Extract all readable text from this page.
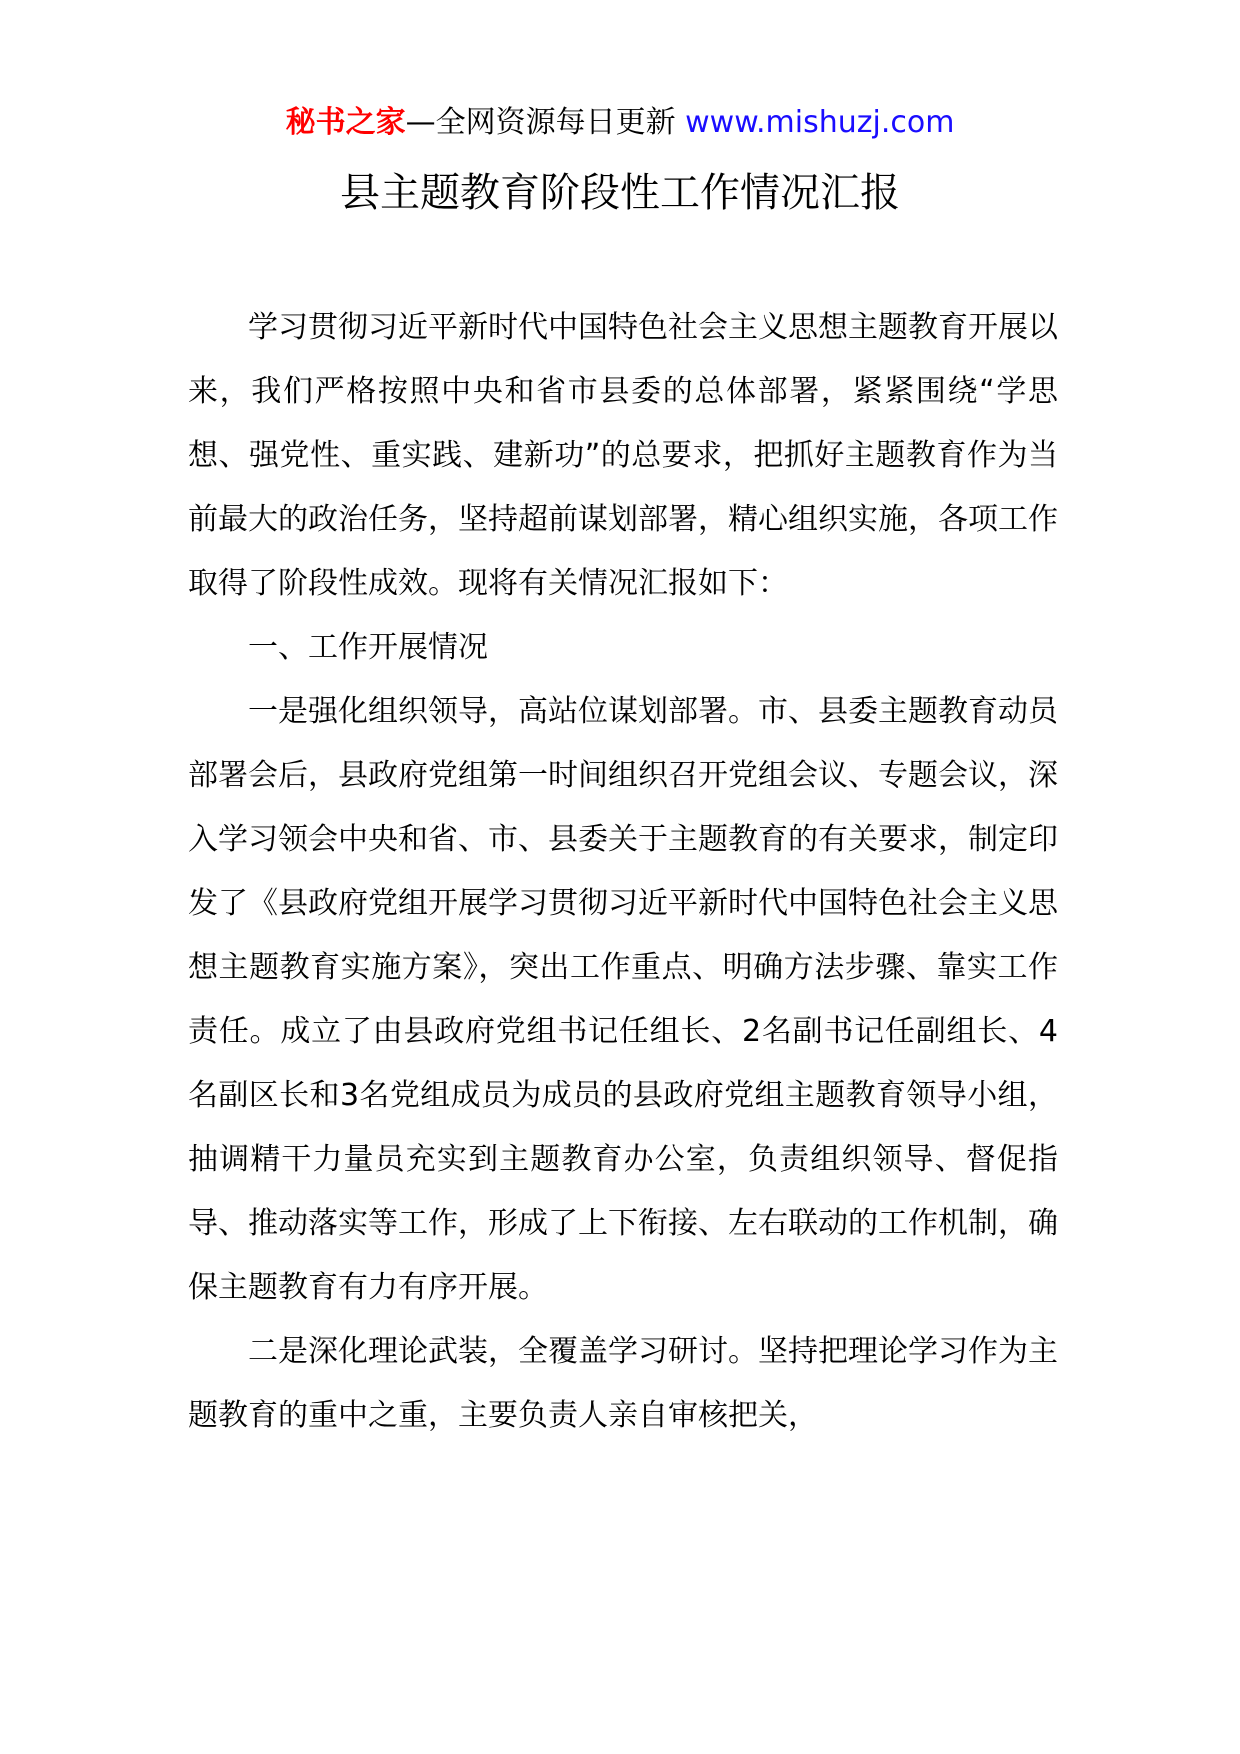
秘书之家—全网资源每日更新 www.mishuzj.com
县主题教育阶段性工作情况汇报

学习贯彻习近平新时代中国特色社会主义思想主题教育开展以来，我们严格按照中央和省市县委的总体部署，紧紧围绕“学思想、强党性、重实践、建新功”的总要求，把抓好主题教育作为当前最大的政治任务，坚持超前谋划部署，精心组织实施，各项工作取得了阶段性成效。现将有关情况汇报如下：

一、工作开展情况

一是强化组织领导，高站位谋划部署。市、县委主题教育动员部署会后，县政府党组第一时间组织召开党组会议、专题会议，深入学习领会中央和省、市、县委关于主题教育的有关要求，制定印发了《县政府党组开展学习贯彻习近平新时代中国特色社会主义思想主题教育实施方案》，突出工作重点、明确方法步骤、靠实工作责任。成立了由县政府党组书记任组长、2名副书记任副组长、4名副区长和3名党组成员为成员的县政府党组主题教育领导小组，抽调精干力量员充实到主题教育办公室，负责组织领导、督促指导、推动落实等工作，形成了上下衔接、左右联动的工作机制，确保主题教育有力有序开展。

二是深化理论武装，全覆盖学习研讨。坚持把理论学习作为主题教育的重中之重，主要负责人亲自审核把关，
